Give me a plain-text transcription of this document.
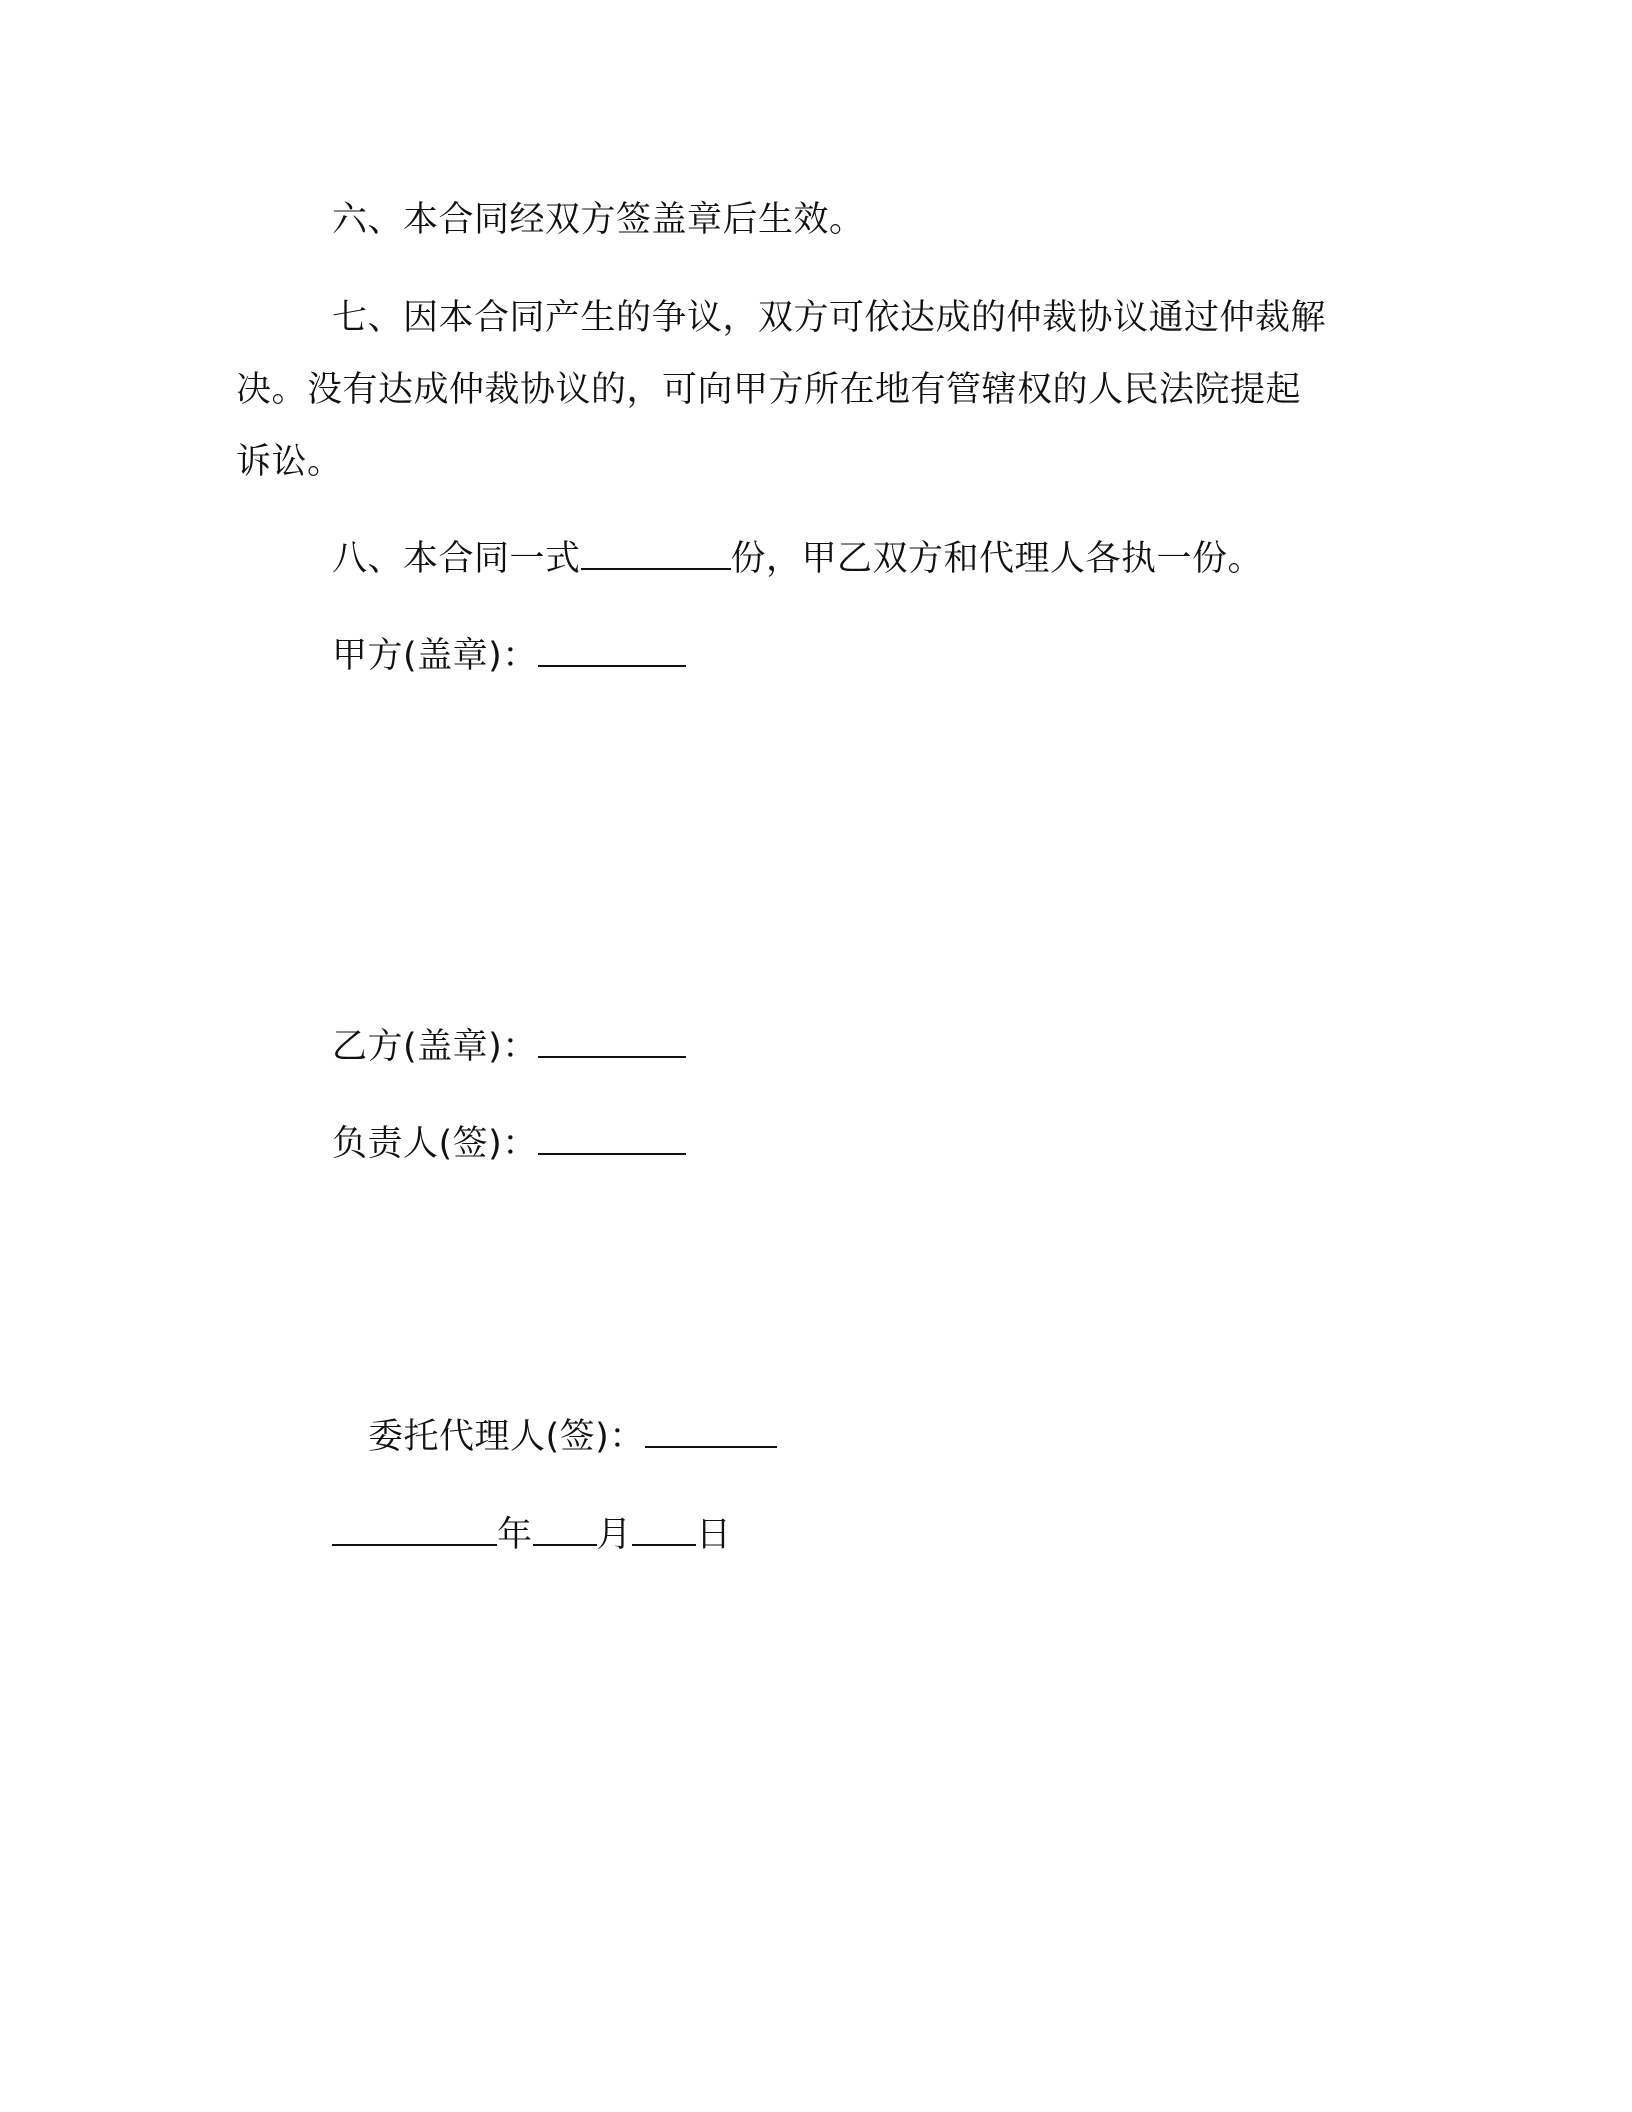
六、本合同经双方签盖章后生效。
七、因本合同产生的争议，双方可依达成的仲裁协议通过仲裁解
决。没有达成仲裁协议的，可向甲方所在地有管辖权的人民法院提起
诉讼。
八、本合同一式	份，甲乙双方和代理人各执一份。
甲方(盖章)：
乙方(盖章)：
负责人(签)：
委托代理人(签)：
年 月 日
